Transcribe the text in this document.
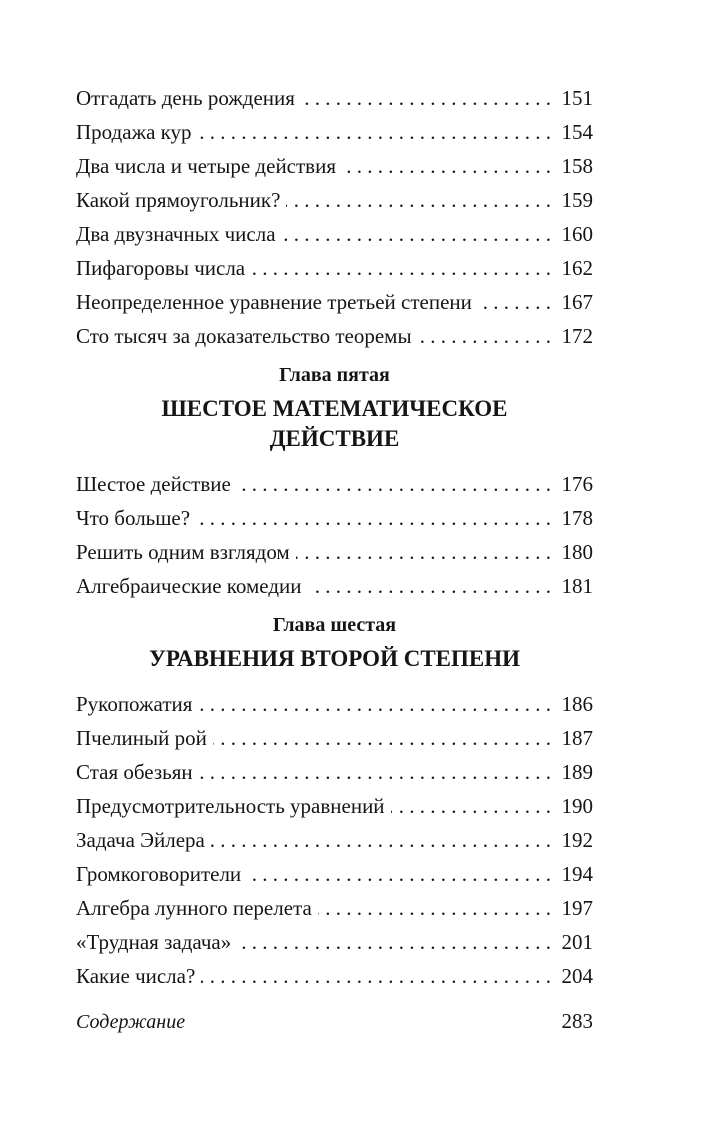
Отгадать день рождения . . .	151
Продажа кур . . .	154
Два числа и четыре действия . . .	158
Какой прямоугольник? . . .	159
Два двузначных числа . . .	160
Пифагоровы числа . . .	162
Неопределенное уравнение третьей степени . . .	167
Сто тысяч за доказательство теоремы . . .	172
Глава пятая
ШЕСТОЕ МАТЕМАТИЧЕСКОЕ ДЕЙСТВИЕ
Шестое действие . . .	176
Что больше? . . .	178
Решить одним взглядом . . .	180
Алгебраические комедии . . .	181
Глава шестая
УРАВНЕНИЯ ВТОРОЙ СТЕПЕНИ
Рукопожатия . . .	186
Пчелиный рой . . .	187
Стая обезьян . . .	189
Предусмотрительность уравнений . . .	190
Задача Эйлера . . .	192
Громкоговорители . . .	194
Алгебра лунного перелета . . .	197
«Трудная задача» . . .	201
Какие числа? . . .	204
Содержание	283
